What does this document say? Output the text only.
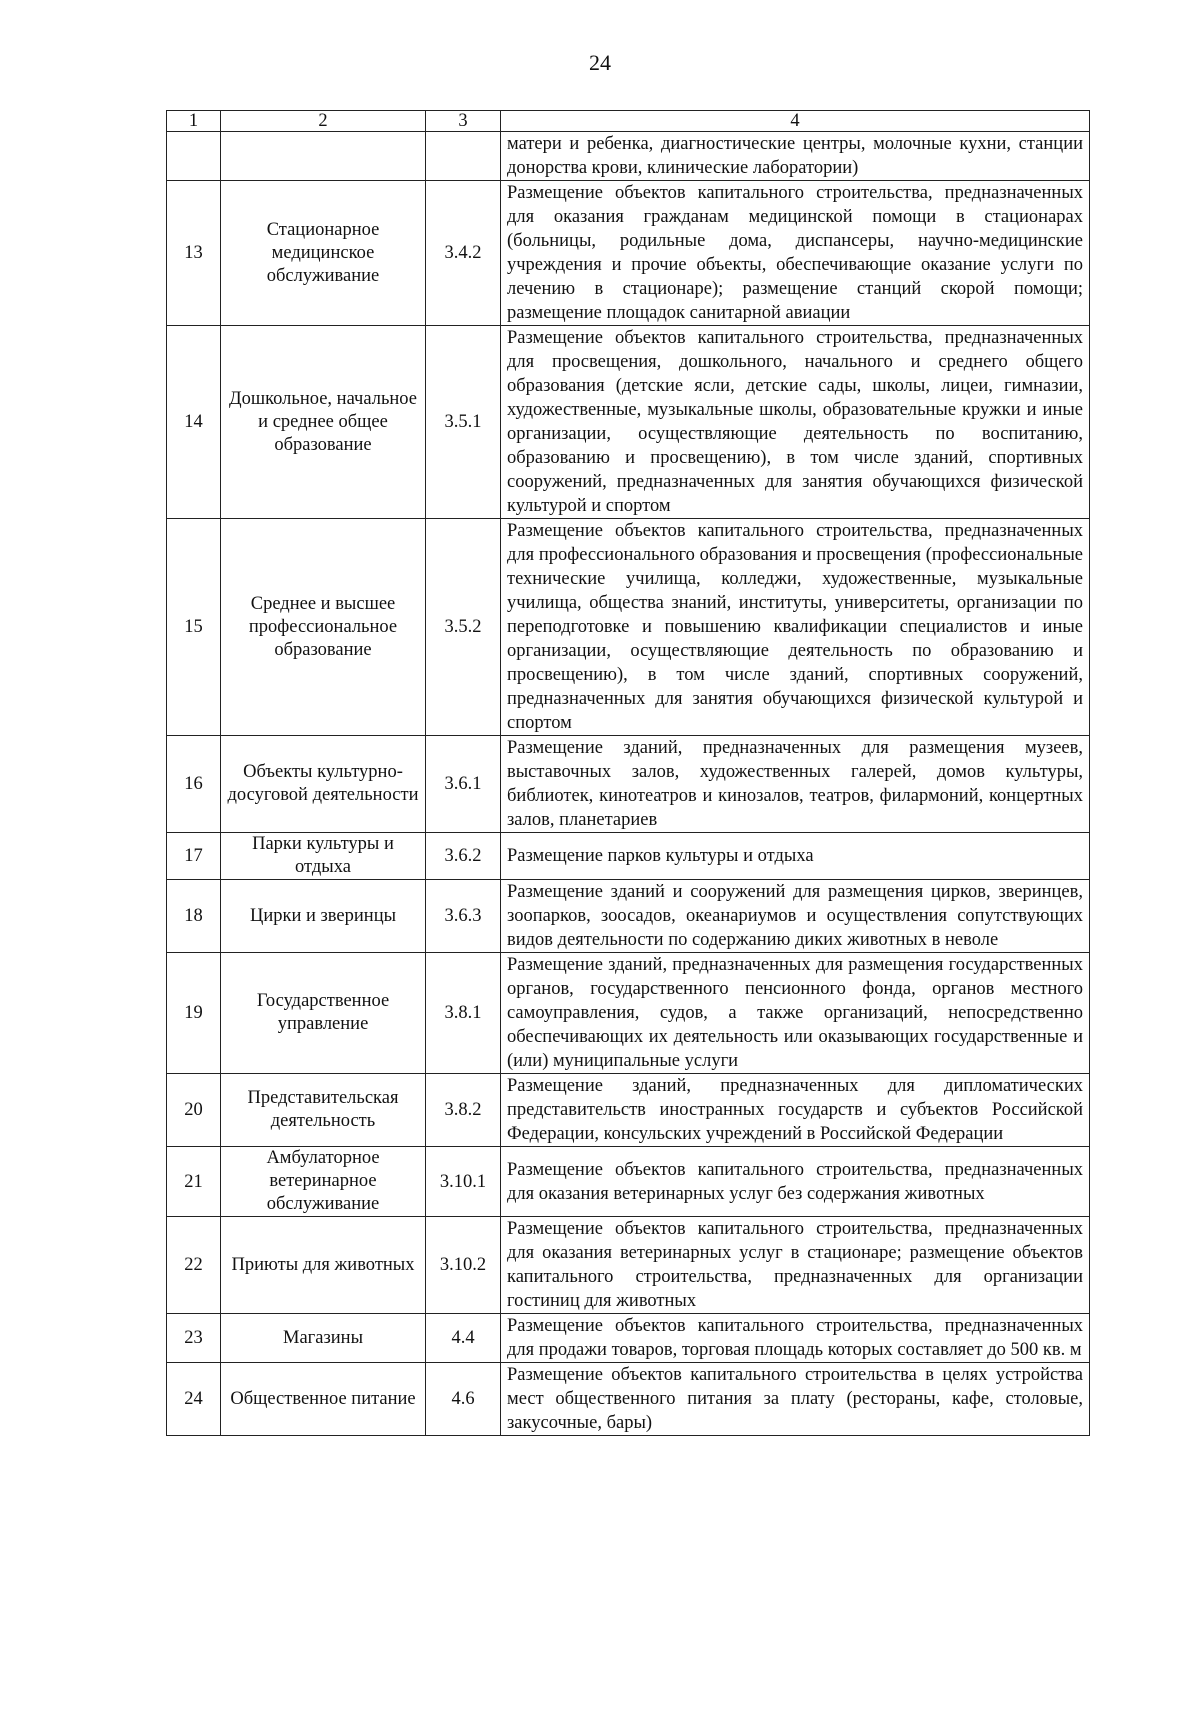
24
1	2	3	4
			матери и ребенка, диагностические центры, молочные кухни, станции донорства крови, клинические лаборатории)
13	Стационарное медицинское обслуживание	3.4.2	Размещение объектов капитального строительства, предназначенных для оказания гражданам медицинской помощи в стационарах (больницы, родильные дома, диспансеры, научно-медицинские учреждения и прочие объекты, обеспечивающие оказание услуги по лечению в стационаре); размещение станций скорой помощи; размещение площадок санитарной авиации
14	Дошкольное, начальное и среднее общее образование	3.5.1	Размещение объектов капитального строительства, предназначенных для просвещения, дошкольного, начального и среднего общего образования (детские ясли, детские сады, школы, лицеи, гимназии, художественные, музыкальные школы, образовательные кружки и иные организации, осуществляющие деятельность по воспитанию, образованию и просвещению), в том числе зданий, спортивных сооружений, предназначенных для занятия обучающихся физической культурой и спортом
15	Среднее и высшее профессиональное образование	3.5.2	Размещение объектов капитального строительства, предназначенных для профессионального образования и просвещения (профессиональные технические училища, колледжи, художественные, музыкальные училища, общества знаний, институты, университеты, организации по переподготовке и повышению квалификации специалистов и иные организации, осуществляющие деятельность по образованию и просвещению), в том числе зданий, спортивных сооружений, предназначенных для занятия обучающихся физической культурой и спортом
16	Объекты культурно-досуговой деятельности	3.6.1	Размещение зданий, предназначенных для размещения музеев, выставочных залов, художественных галерей, домов культуры, библиотек, кинотеатров и кинозалов, театров, филармоний, концертных залов, планетариев
17	Парки культуры и отдыха	3.6.2	Размещение парков культуры и отдыха
18	Цирки и зверинцы	3.6.3	Размещение зданий и сооружений для размещения цирков, зверинцев, зоопарков, зоосадов, океанариумов и осуществления сопутствующих видов деятельности по содержанию диких животных в неволе
19	Государственное управление	3.8.1	Размещение зданий, предназначенных для размещения государственных органов, государственного пенсионного фонда, органов местного самоуправления, судов, а также организаций, непосредственно обеспечивающих их деятельность или оказывающих государственные и (или) муниципальные услуги
20	Представительская деятельность	3.8.2	Размещение зданий, предназначенных для дипломатических представительств иностранных государств и субъектов Российской Федерации, консульских учреждений в Российской Федерации
21	Амбулаторное ветеринарное обслуживание	3.10.1	Размещение объектов капитального строительства, предназначенных для оказания ветеринарных услуг без содержания животных
22	Приюты для животных	3.10.2	Размещение объектов капитального строительства, предназначенных для оказания ветеринарных услуг в стационаре; размещение объектов капитального строительства, предназначенных для организации гостиниц для животных
23	Магазины	4.4	Размещение объектов капитального строительства, предназначенных для продажи товаров, торговая площадь которых составляет до 500 кв. м
24	Общественное питание	4.6	Размещение объектов капитального строительства в целях устройства мест общественного питания за плату (рестораны, кафе, столовые, закусочные, бары)
